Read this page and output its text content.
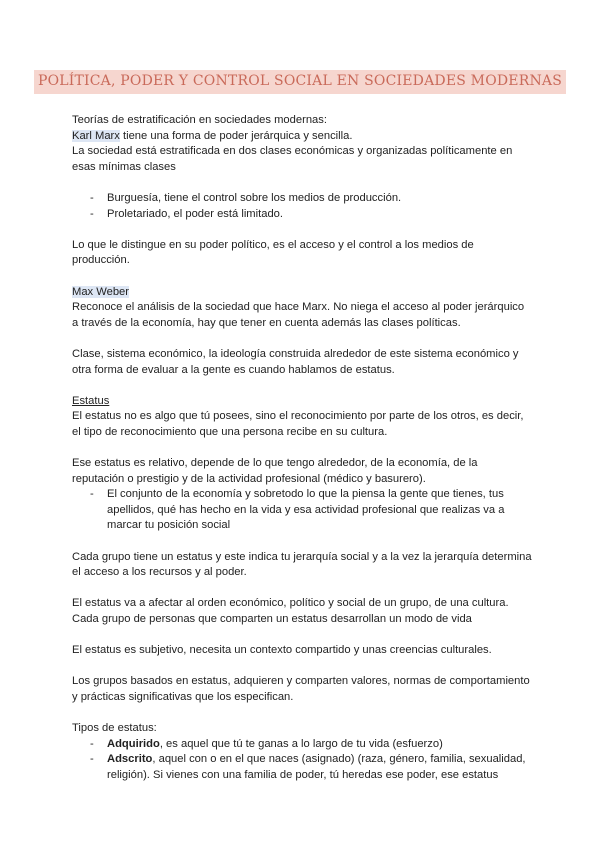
POLÍTICA, PODER Y CONTROL SOCIAL EN SOCIEDADES MODERNAS

Teorías de estratificación en sociedades modernas:

Karl Marx tiene una forma de poder jerárquica y sencilla.

La sociedad está estratificada en dos clases económicas y organizadas políticamente en esas mínimas clases

- Burguesía, tiene el control sobre los medios de producción.
- Proletariado, el poder está limitado.

Lo que le distingue en su poder político, es el acceso y el control a los medios de producción.

Max Weber

Reconoce el análisis de la sociedad que hace Marx. No niega el acceso al poder jerárquico a través de la economía, hay que tener en cuenta además las clases políticas.

Clase, sistema económico, la ideología construida alrededor de este sistema económico y otra forma de evaluar a la gente es cuando hablamos de estatus.

Estatus

El estatus no es algo que tú posees, sino el reconocimiento por parte de los otros, es decir, el tipo de reconocimiento que una persona recibe en su cultura.

Ese estatus es relativo, depende de lo que tengo alrededor, de la economía, de la reputación o prestigio y de la actividad profesional (médico y basurero).

- El conjunto de la economía y sobretodo lo que la piensa la gente que tienes, tus apellidos, qué has hecho en la vida y esa actividad profesional que realizas va a marcar tu posición social

Cada grupo tiene un estatus y este indica tu jerarquía social y a la vez la jerarquía determina el acceso a los recursos y al poder.

El estatus va a afectar al orden económico, político y social de un grupo, de una cultura. Cada grupo de personas que comparten un estatus desarrollan un modo de vida

El estatus es subjetivo, necesita un contexto compartido y unas creencias culturales.

Los grupos basados en estatus, adquieren y comparten valores, normas de comportamiento y prácticas significativas que los especifican.

Tipos de estatus:

- Adquirido, es aquel que tú te ganas a lo largo de tu vida (esfuerzo)
- Adscrito, aquel con o en el que naces (asignado) (raza, género, familia, sexualidad, religión). Si vienes con una familia de poder, tú heredas ese poder, ese estatus
